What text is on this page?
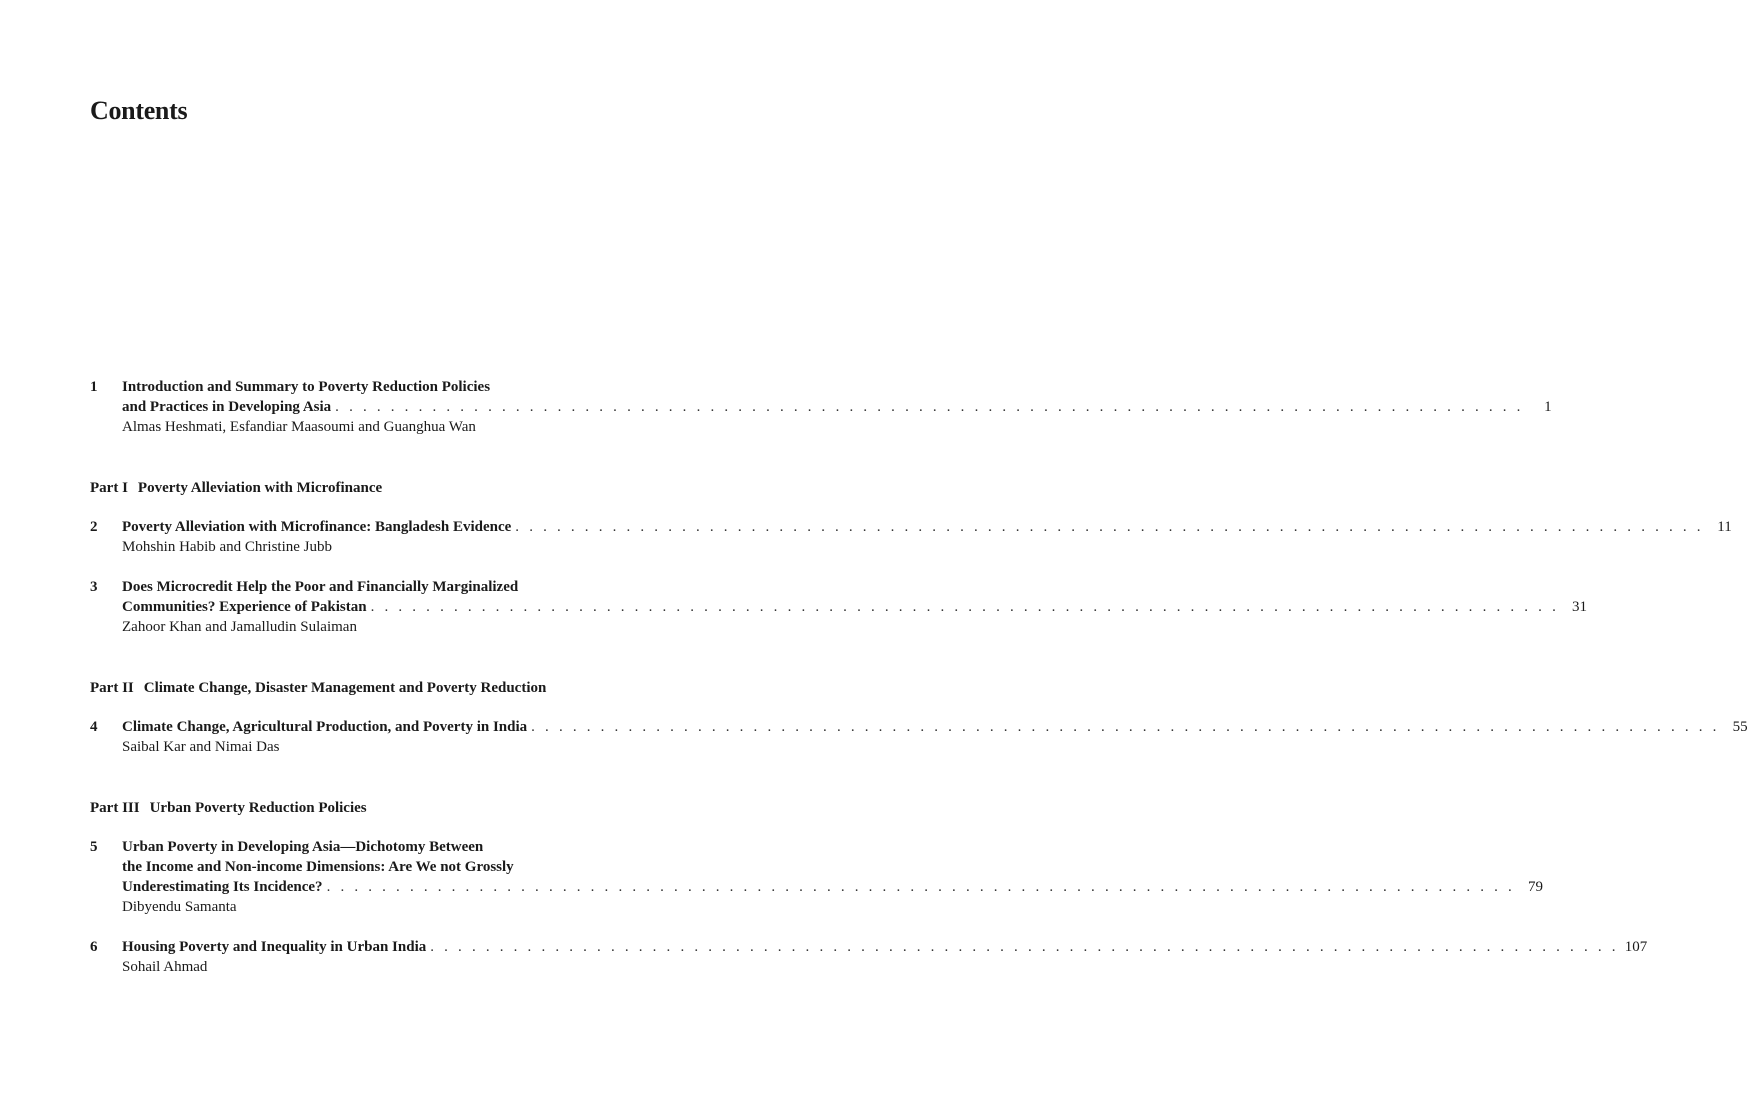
Contents
1	Introduction and Summary to Poverty Reduction Policies
and Practices in Developing Asia . . . . . . . . . . . . . . . . . . . . . . . . . . . . . . . . . . . . . . . . . . . . . . . . . . . . . . . . . . . . . . . . . . . . . . . . . . . . . . . . . . . . . .	1
Almas Heshmati, Esfandiar Maasoumi and Guanghua Wan
Part I Poverty Alleviation with Microfinance
2	Poverty Alleviation with Microfinance: Bangladesh Evidence . . . . . . . . . . . . . . . . . . . . . . . . . . . . . . . . . . . . . . . . . . . . . . . . . . . . . . . . . . . . . . . . . . . . . . . . . . . . . . . . . . . . . . 11
Mohshin Habib and Christine Jubb
3	Does Microcredit Help the Poor and Financially Marginalized
Communities? Experience of Pakistan . . . . . . . . . . . . . . . . . . . . . . . . . . . . . . . . . . . . . . . . . . . . . . . . . . . . . . . . . . . . . . . . . . . . . . . . . . . . . . . . . . . . . . 31
Zahoor Khan and Jamalludin Sulaiman
Part II Climate Change, Disaster Management and Poverty Reduction
4	Climate Change, Agricultural Production, and Poverty in India . . . . . . . . . . . . . . . . . . . . . . . . . . . . . . . . . . . . . . . . . . . . . . . . . . . . . . . . . . . . . . . . . . . . . . . . . . . . . . . . . . . . . . 55
Saibal Kar and Nimai Das
Part III Urban Poverty Reduction Policies
5	Urban Poverty in Developing Asia—Dichotomy Between
the Income and Non-income Dimensions: Are We not Grossly
Underestimating Its Incidence? . . . . . . . . . . . . . . . . . . . . . . . . . . . . . . . . . . . . . . . . . . . . . . . . . . . . . . . . . . . . . . . . . . . . . . . . . . . . . . . . . . . . . . 79
Dibyendu Samanta
6	Housing Poverty and Inequality in Urban India . . . . . . . . . . . . . . . . . . . . . . . . . . . . . . . . . . . . . . . . . . . . . . . . . . . . . . . . . . . . . . . . . . . . . . . . . . . . . . . . . . . . . . 107
Sohail Ahmad
